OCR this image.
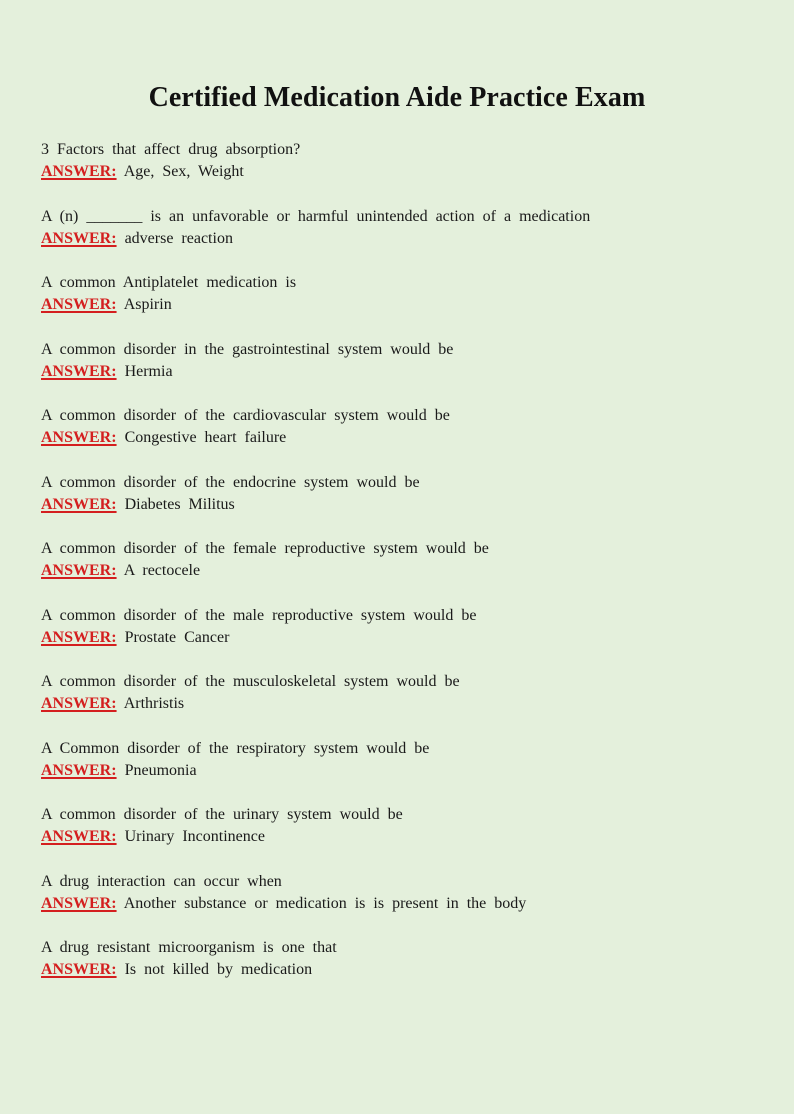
Certified Medication Aide Practice Exam
3 Factors that affect drug absorption?
ANSWER: Age, Sex, Weight
A (n) _______ is an unfavorable or harmful unintended action of a medication
ANSWER: adverse reaction
A common Antiplatelet medication is
ANSWER: Aspirin
A common disorder in the gastrointestinal system would be
ANSWER: Hermia
A common disorder of the cardiovascular system would be
ANSWER: Congestive heart failure
A common disorder of the endocrine system would be
ANSWER: Diabetes Militus
A common disorder of the female reproductive system would be
ANSWER: A rectocele
A common disorder of the male reproductive system would be
ANSWER: Prostate Cancer
A common disorder of the musculoskeletal system would be
ANSWER: Arthristis
A Common disorder of the respiratory system would be
ANSWER: Pneumonia
A common disorder of the urinary system would be
ANSWER: Urinary Incontinence
A drug interaction can occur when
ANSWER: Another substance or medication is is present in the body
A drug resistant microorganism is one that
ANSWER: Is not killed by medication
